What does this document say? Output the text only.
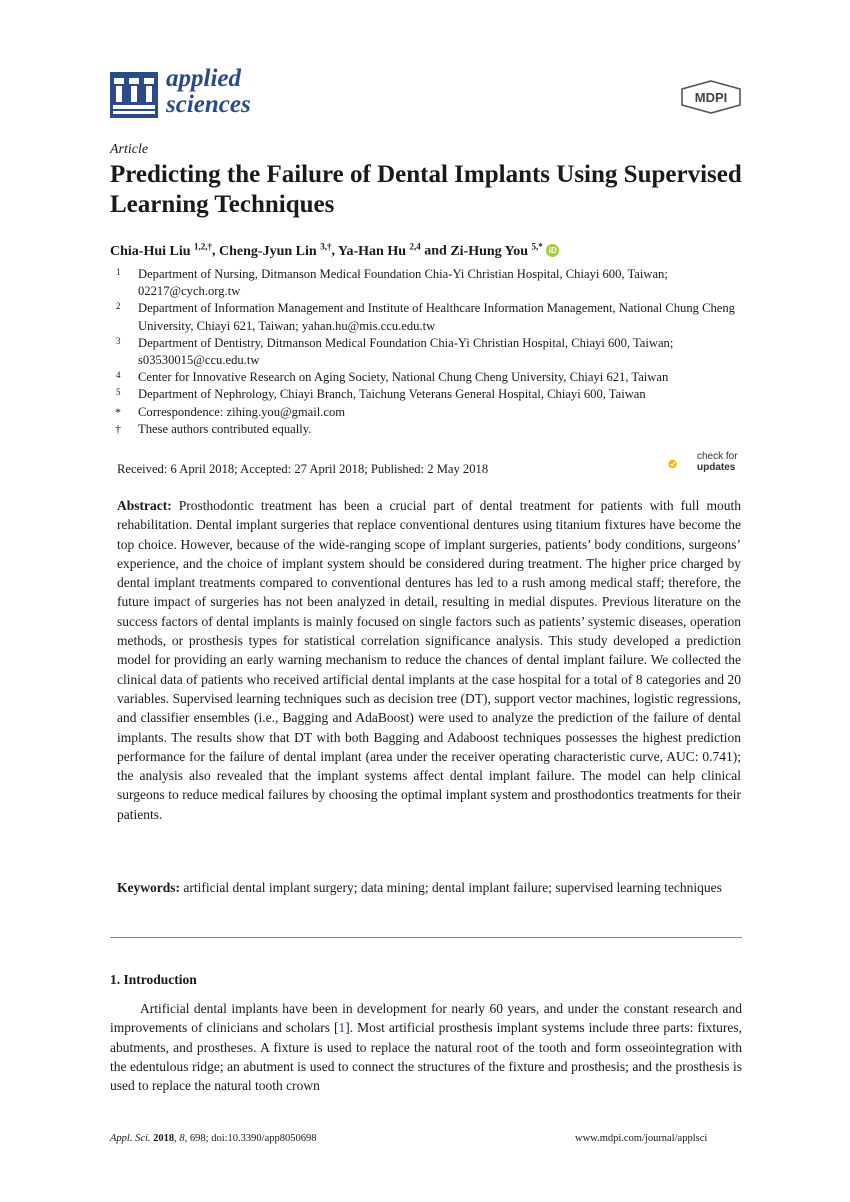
applied
sciences	MDPI
Article
Predicting the Failure of Dental Implants Using Supervised Learning Techniques
Chia-Hui Liu $^{1,2,\dagger}$, Cheng-Jyun Lin $^{3,\dagger}$, Ya-Han Hu $^{2,4}$ and Zi-Hung You $^{5,*}$ iD
1 Department of Nursing, Ditmanson Medical Foundation Chia-Yi Christian Hospital, Chiayi 600, Taiwan; 02217@cych.org.tw
2 Department of Information Management and Institute of Healthcare Information Management, National Chung Cheng University, Chiayi 621, Taiwan; yahan.hu@mis.ccu.edu.tw
3 Department of Dentistry, Ditmanson Medical Foundation Chia-Yi Christian Hospital, Chiayi 600, Taiwan; s03530015@ccu.edu.tw
4 Center for Innovative Research on Aging Society, National Chung Cheng University, Chiayi 621, Taiwan
5 Department of Nephrology, Chiayi Branch, Taichung Veterans General Hospital, Chiayi 600, Taiwan
* Correspondence: zihing.you@gmail.com
† These authors contributed equally.
Received: 6 April 2018; Accepted: 27 April 2018; Published: 2 May 2018
check for
updates
Abstract: Prosthodontic treatment has been a crucial part of dental treatment for patients with full mouth rehabilitation. Dental implant surgeries that replace conventional dentures using titanium fixtures have become the top choice. However, because of the wide-ranging scope of implant surgeries, patients’ body conditions, surgeons’ experience, and the choice of implant system should be considered during treatment. The higher price charged by dental implant treatments compared to conventional dentures has led to a rush among medical staff; therefore, the future impact of surgeries has not been analyzed in detail, resulting in medial disputes. Previous literature on the success factors of dental implants is mainly focused on single factors such as patients’ systemic diseases, operation methods, or prosthesis types for statistical correlation significance analysis. This study developed a prediction model for providing an early warning mechanism to reduce the chances of dental implant failure. We collected the clinical data of patients who received artificial dental implants at the case hospital for a total of 8 categories and 20 variables. Supervised learning techniques such as decision tree (DT), support vector machines, logistic regressions, and classifier ensembles (i.e., Bagging and AdaBoost) were used to analyze the prediction of the failure of dental implants. The results show that DT with both Bagging and Adaboost techniques possesses the highest prediction performance for the failure of dental implant (area under the receiver operating characteristic curve, AUC: 0.741); the analysis also revealed that the implant systems affect dental implant failure. The model can help clinical surgeons to reduce medical failures by choosing the optimal implant system and prosthodontics treatments for their patients.
Keywords: artificial dental implant surgery; data mining; dental implant failure; supervised learning techniques
1. Introduction
Artificial dental implants have been in development for nearly 60 years, and under the constant research and improvements of clinicians and scholars [1]. Most artificial prosthesis implant systems include three parts: fixtures, abutments, and prostheses. A fixture is used to replace the natural root of the tooth and form osseointegration with the edentulous ridge; an abutment is used to connect the structures of the fixture and prosthesis; and the prosthesis is used to replace the natural tooth crown
Appl. Sci. 2018, 8, 698; doi:10.3390/app8050698	www.mdpi.com/journal/applsci
